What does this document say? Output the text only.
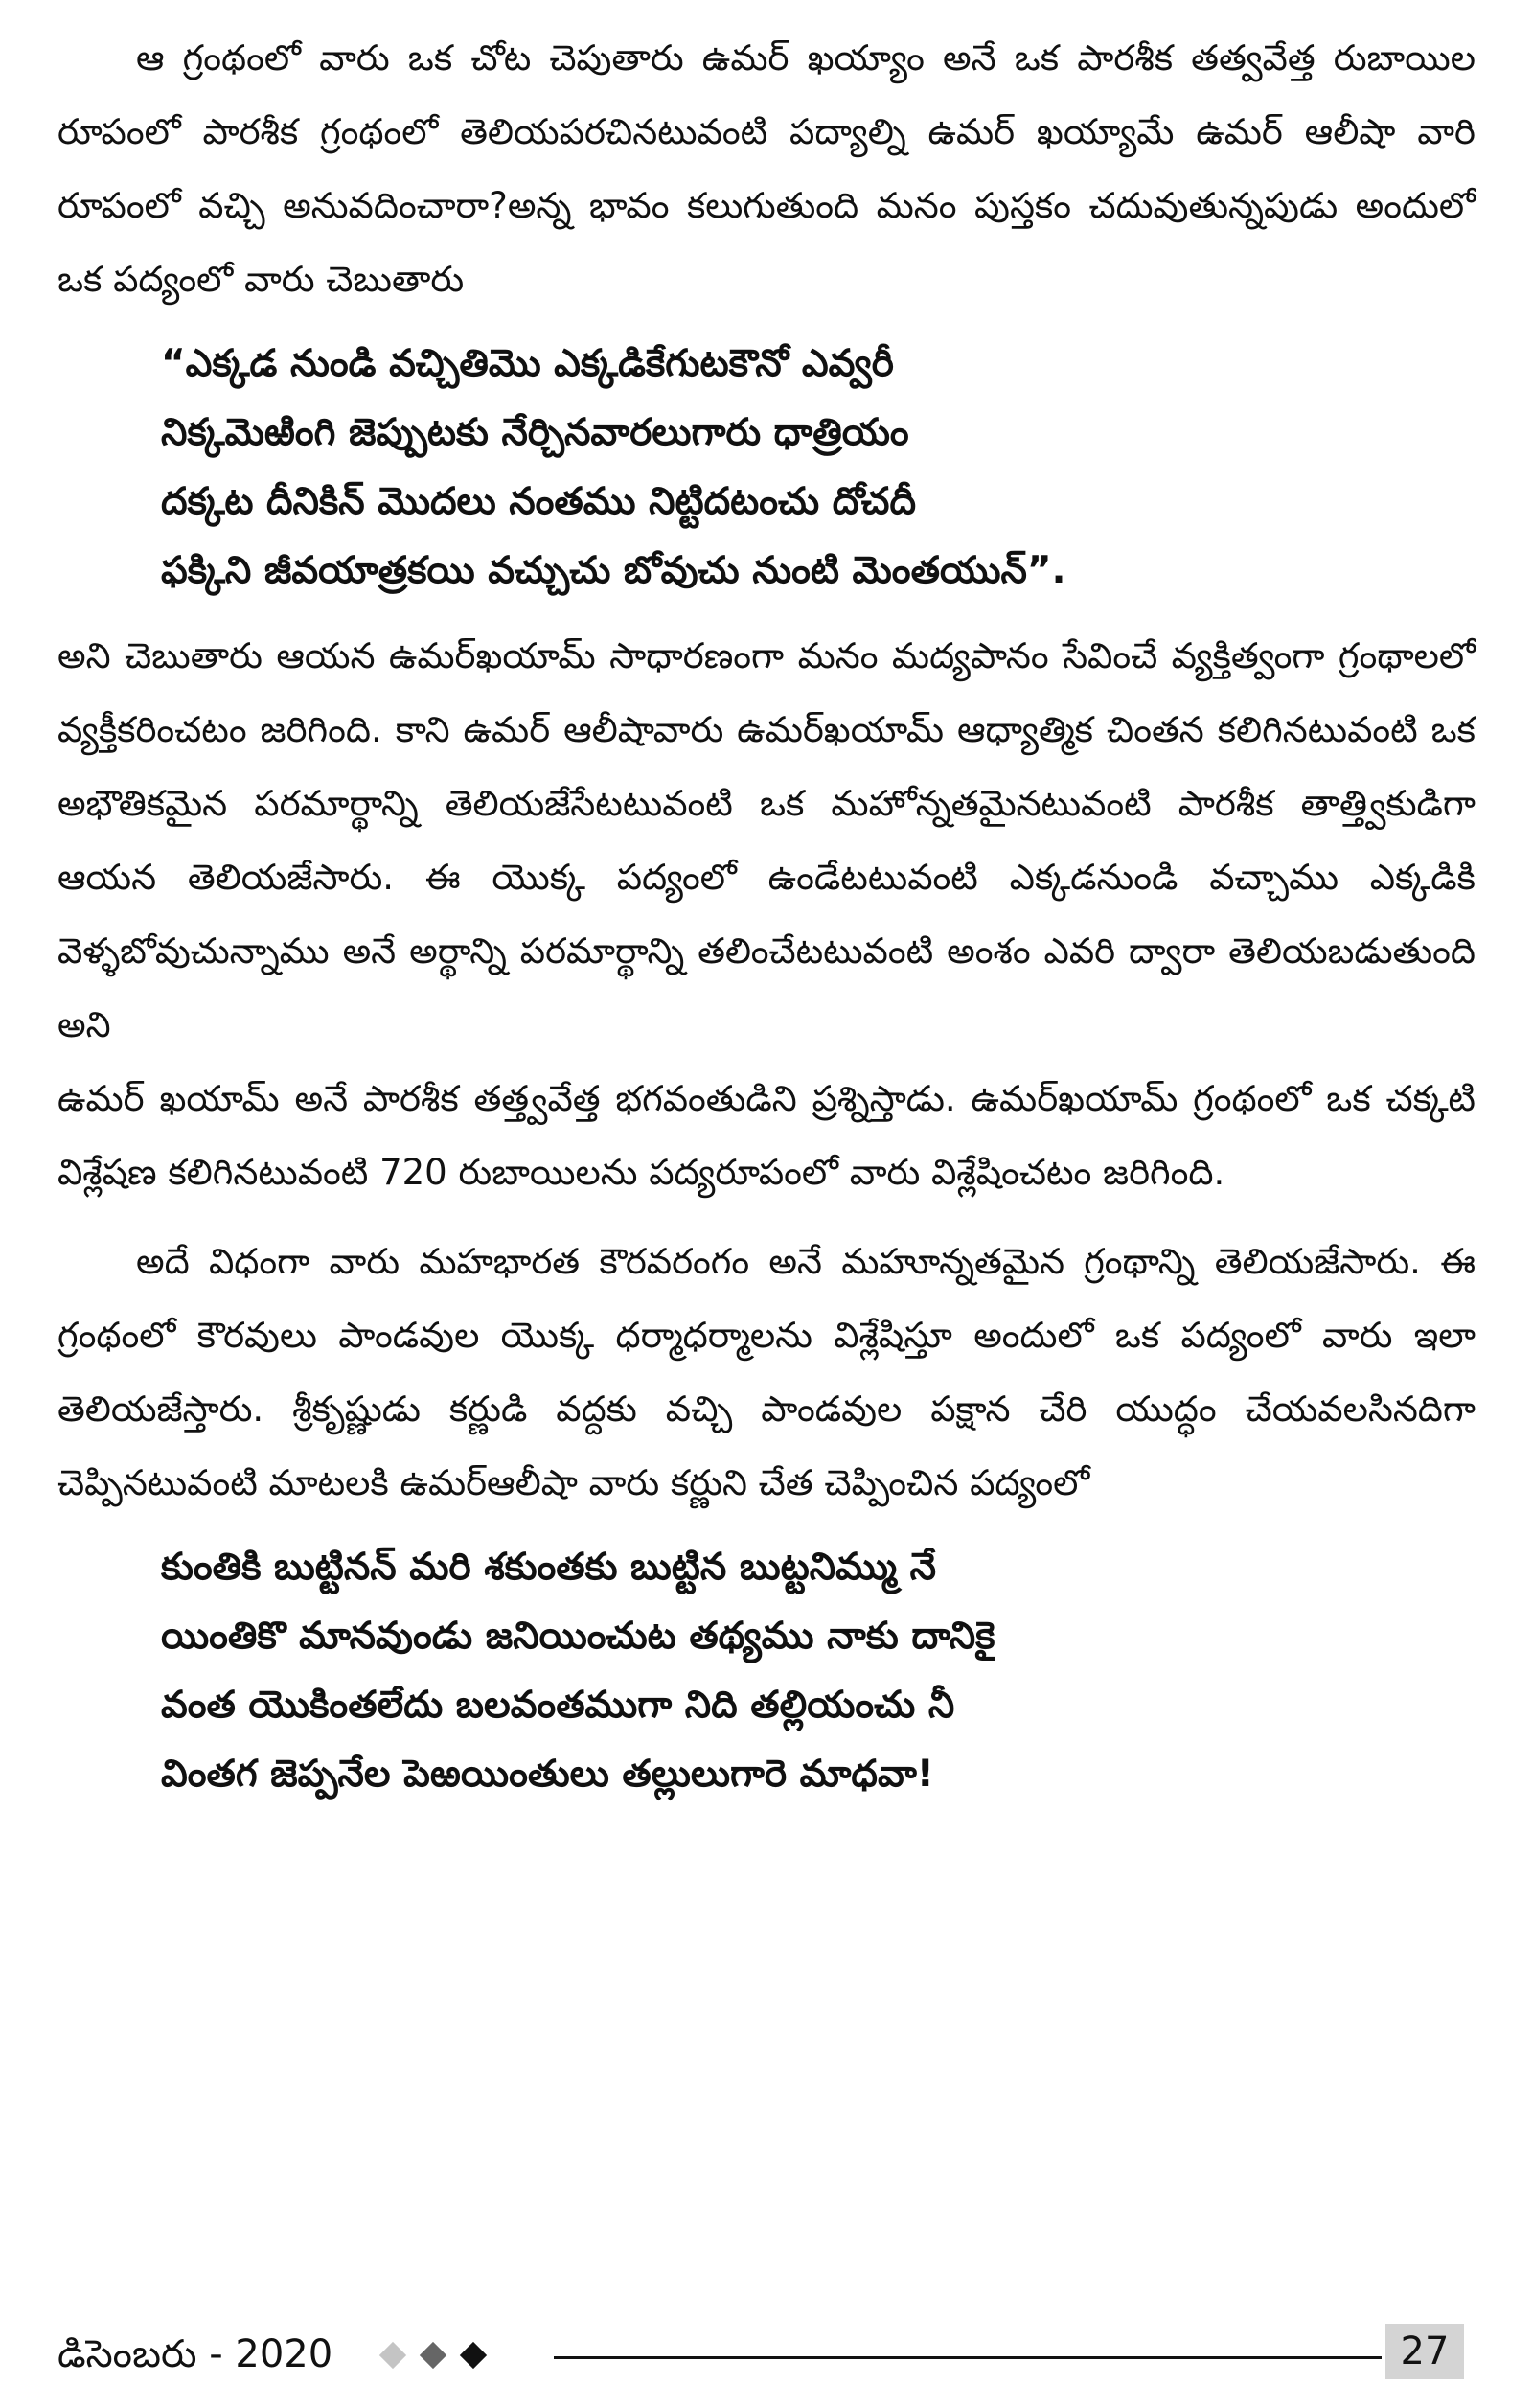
ఆ గ్రంథంలో వారు ఒక చోట చెపుతారు ఉమర్ ఖయ్యాం అనే ఒక పారశీక తత్వవేత్త రుబాయిల రూపంలో పారశీక గ్రంథంలో తెలియపరచినటువంటి పద్యాల్ని ఉమర్ ఖయ్యామే ఉమర్ ఆలీషా వారి రూపంలో వచ్చి అనువదించారా?అన్న భావం కలుగుతుంది మనం పుస్తకం చదువుతున్నపుడు అందులో ఒక పద్యంలో వారు చెబుతారు

“ఎక్కడ నుండి వచ్చితిమొ ఎక్కడికేగుటకౌనో ఎవ్వరీ
నిక్కమెఱింగి జెప్పుటకు నేర్చినవారలుగారు ధాత్రియం
దక్కట దీనికిన్ మొదలు నంతము నిట్టిదటంచు దోచదీ
ఫక్కిని జీవయాత్రకయి వచ్చుచు బోవుచు నుంటి మెంతయున్”.

అని చెబుతారు ఆయన ఉమర్‌ఖయామ్ సాధారణంగా మనం మద్యపానం సేవించే వ్యక్తిత్వంగా గ్రంథాలలో వ్యక్తీకరించటం జరిగింది. కాని ఉమర్ ఆలీషావారు ఉమర్‌ఖయామ్ ఆధ్యాత్మిక చింతన కలిగినటువంటి ఒక అభౌతికమైన పరమార్థాన్ని తెలియజేసేటటువంటి ఒక మహోన్నతమైనటువంటి పారశీక తాత్త్వికుడిగా ఆయన తెలియజేసారు. ఈ యొక్క పద్యంలో ఉండేటటువంటి ఎక్కడనుండి వచ్చాము ఎక్కడికి వెళ్ళబోవుచున్నాము అనే అర్థాన్ని పరమార్థాన్ని తలించేటటువంటి అంశం ఎవరి ద్వారా తెలియబడుతుంది అని

ఉమర్ ఖయామ్ అనే పారశీక తత్త్వవేత్త భగవంతుడిని ప్రశ్నిస్తాడు. ఉమర్‌ఖయామ్ గ్రంథంలో ఒక చక్కటి విశ్లేషణ కలిగినటువంటి 720 రుబాయిలను పద్యరూపంలో వారు విశ్లేషించటం జరిగింది.

అదే విధంగా వారు మహభారత కౌరవరంగం అనే మహూన్నతమైన గ్రంథాన్ని తెలియజేసారు. ఈ గ్రంథంలో కౌరవులు పాండవుల యొక్క ధర్మాధర్మాలను విశ్లేషిస్తూ అందులో ఒక పద్యంలో వారు ఇలా తెలియజేస్తారు. శ్రీకృష్ణుడు కర్ణుడి వద్దకు వచ్చి పాండవుల పక్షాన చేరి యుద్ధం చేయవలసినదిగా చెప్పినటువంటి మాటలకి ఉమర్‌ఆలీషా వారు కర్ణుని చేత చెప్పించిన పద్యంలో

కుంతికి బుట్టినన్ మరి శకుంతకు బుట్టిన బుట్టనిమ్ము నే
యింతికొ మానవుండు జనియించుట తథ్యము నాకు దానికై
వంత యొకింతలేదు బలవంతముగా నిది తల్లియంచు నీ
వింతగ జెప్పనేల పెఱయింతులు తల్లులుగారె మాధవా!
డిసెంబరు - 2020	27
